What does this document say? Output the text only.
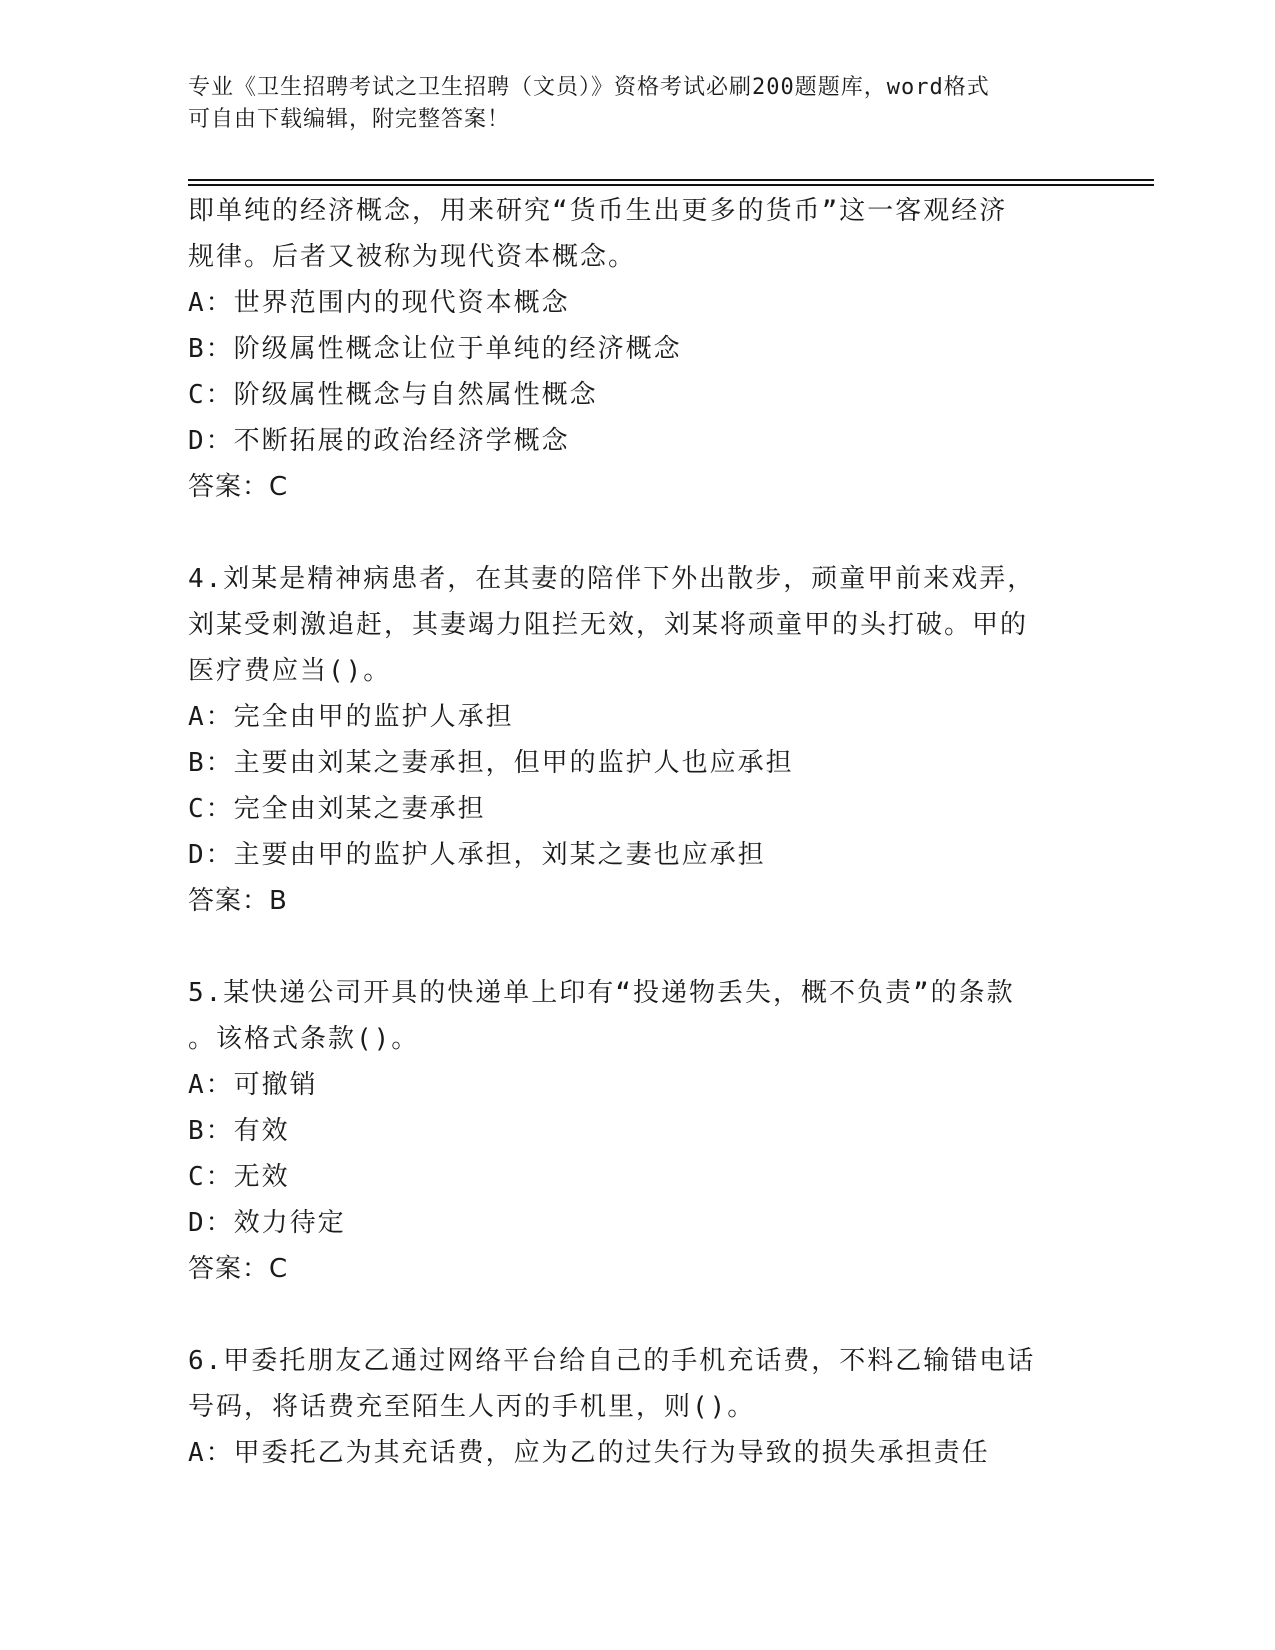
专业《卫生招聘考试之卫生招聘（文员）》资格考试必刷200题题库，word格式
可自由下载编辑，附完整答案！
即单纯的经济概念，用来研究“货币生出更多的货币”这一客观经济
规律。后者又被称为现代资本概念。
A：世界范围内的现代资本概念
B：阶级属性概念让位于单纯的经济概念
C：阶级属性概念与自然属性概念
D：不断拓展的政治经济学概念
答案：C
4.刘某是精神病患者，在其妻的陪伴下外出散步，顽童甲前来戏弄，
刘某受刺激追赶，其妻竭力阻拦无效，刘某将顽童甲的头打破。甲的
医疗费应当()。
A：完全由甲的监护人承担
B：主要由刘某之妻承担，但甲的监护人也应承担
C：完全由刘某之妻承担
D：主要由甲的监护人承担，刘某之妻也应承担
答案：B
5.某快递公司开具的快递单上印有“投递物丢失，概不负责”的条款
。该格式条款()。
A：可撤销
B：有效
C：无效
D：效力待定
答案：C
6.甲委托朋友乙通过网络平台给自己的手机充话费，不料乙输错电话
号码，将话费充至陌生人丙的手机里，则()。
A：甲委托乙为其充话费，应为乙的过失行为导致的损失承担责任
